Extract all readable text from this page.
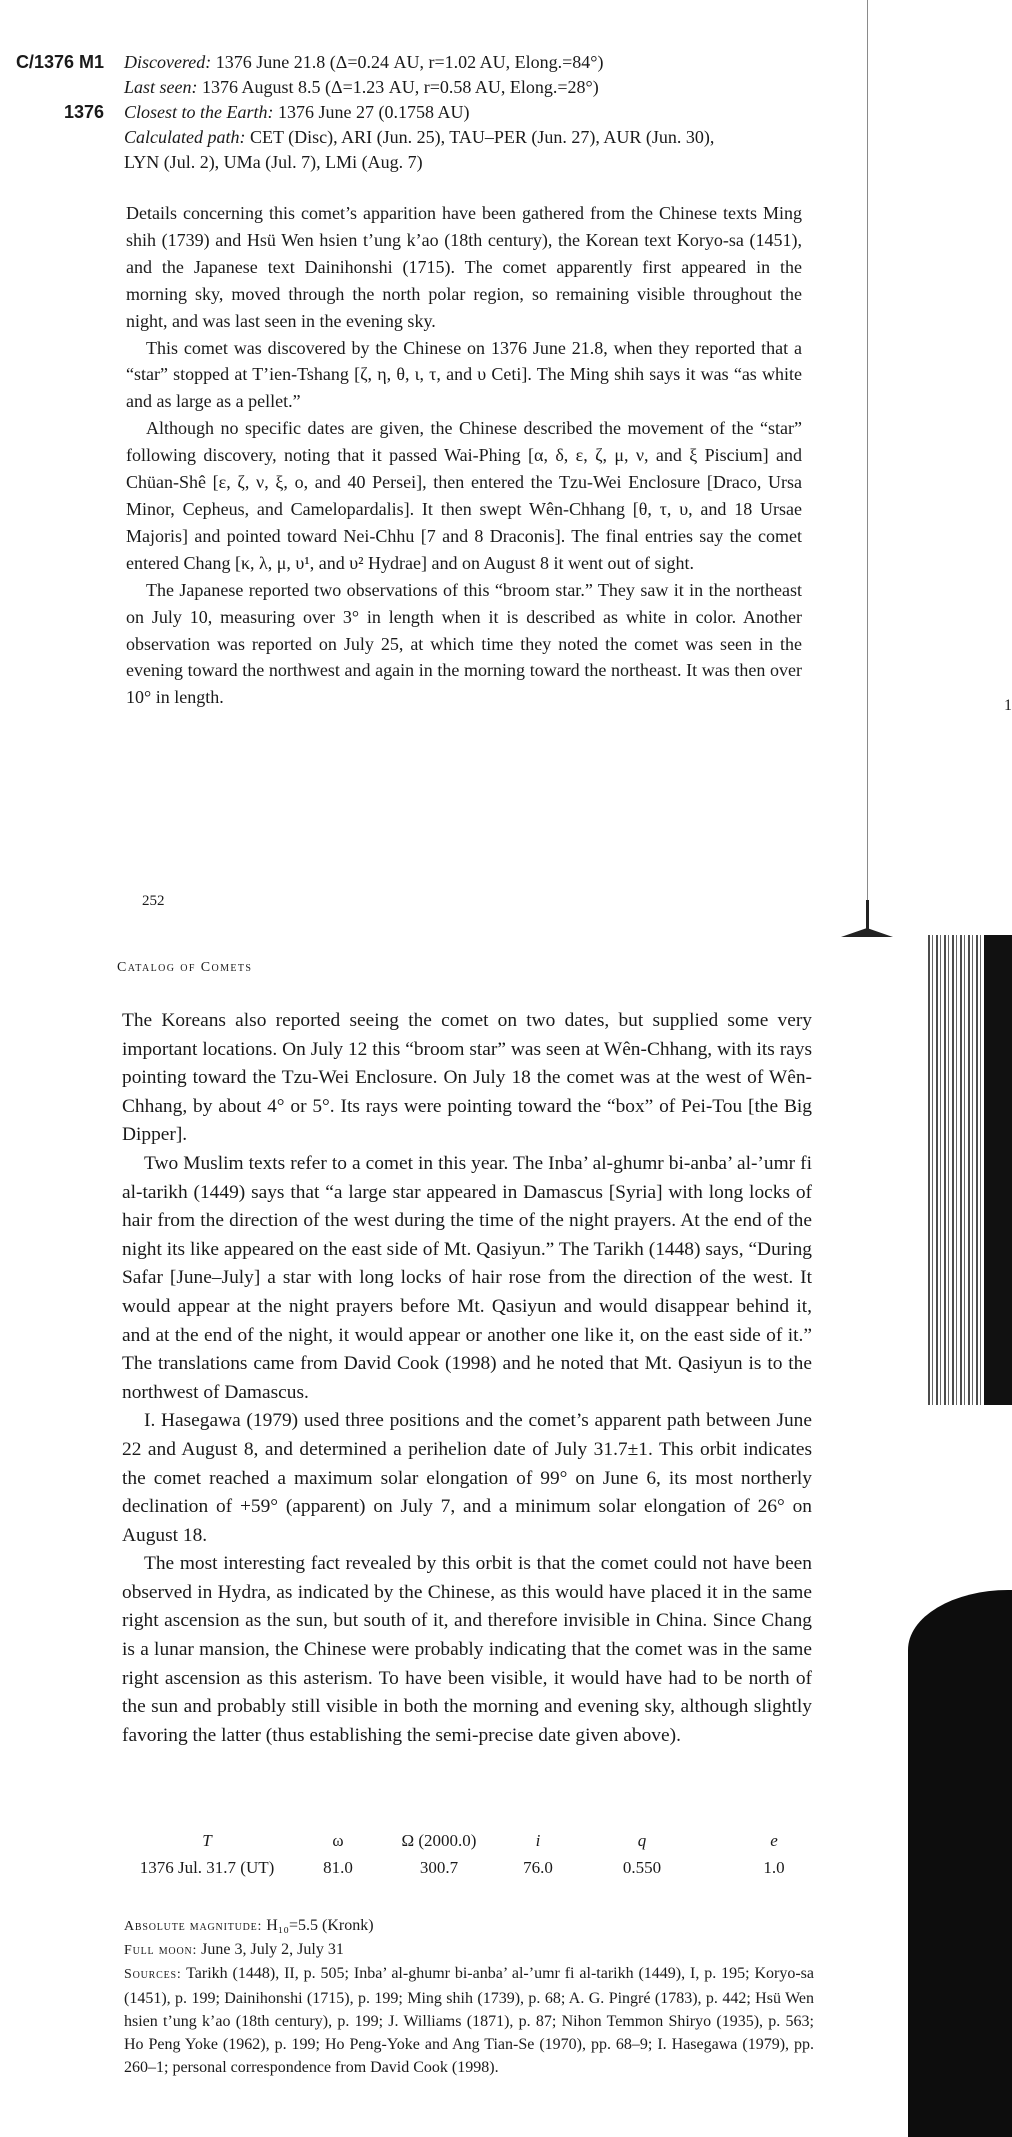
C/1376 M1 Discovered: 1376 June 21.8 (Δ=0.24 AU, r=1.02 AU, Elong.=84°)
Last seen: 1376 August 8.5 (Δ=1.23 AU, r=0.58 AU, Elong.=28°)
1376 Closest to the Earth: 1376 June 27 (0.1758 AU)
Calculated path: CET (Disc), ARI (Jun. 25), TAU–PER (Jun. 27), AUR (Jun. 30),
LYN (Jul. 2), UMa (Jul. 7), LMi (Aug. 7)

Details concerning this comet’s apparition have been gathered from the Chinese texts Ming shih (1739) and Hsü Wen hsien t’ung k’ao (18th century), the Korean text Koryo-sa (1451), and the Japanese text Dainihonshi (1715). The comet apparently first appeared in the morning sky, moved through the north polar region, so remaining visible throughout the night, and was last seen in the evening sky.

This comet was discovered by the Chinese on 1376 June 21.8, when they reported that a “star” stopped at T’ien-Tshang [ζ, η, θ, ι, τ, and υ Ceti]. The Ming shih says it was “as white and as large as a pellet.”

Although no specific dates are given, the Chinese described the movement of the “star” following discovery, noting that it passed Wai-Phing [α, δ, ε, ζ, μ, ν, and ξ Piscium] and Chüan-Shê [ε, ζ, ν, ξ, ο, and 40 Persei], then entered the Tzu-Wei Enclosure [Draco, Ursa Minor, Cepheus, and Camelopardalis]. It then swept Wên-Chhang [θ, τ, υ, and 18 Ursae Majoris] and pointed toward Nei-Chhu [7 and 8 Draconis]. The final entries say the comet entered Chang [κ, λ, μ, υ¹, and υ² Hydrae] and on August 8 it went out of sight.

The Japanese reported two observations of this “broom star.” They saw it in the northeast on July 10, measuring over 3° in length when it is described as white in color. Another observation was reported on July 25, at which time they noted the comet was seen in the evening toward the northwest and again in the morning toward the northeast. It was then over 10° in length.

252
1
Catalog of Comets

The Koreans also reported seeing the comet on two dates, but supplied some very important locations. On July 12 this “broom star” was seen at Wên-Chhang, with its rays pointing toward the Tzu-Wei Enclosure. On July 18 the comet was at the west of Wên-Chhang, by about 4° or 5°. Its rays were pointing toward the “box” of Pei-Tou [the Big Dipper].

Two Muslim texts refer to a comet in this year. The Inba’ al-ghumr bi-anba’ al-’umr fi al-tarikh (1449) says that “a large star appeared in Damascus [Syria] with long locks of hair from the direction of the west during the time of the night prayers. At the end of the night its like appeared on the east side of Mt. Qasiyun.” The Tarikh (1448) says, “During Safar [June–July] a star with long locks of hair rose from the direction of the west. It would appear at the night prayers before Mt. Qasiyun and would disappear behind it, and at the end of the night, it would appear or another one like it, on the east side of it.” The translations came from David Cook (1998) and he noted that Mt. Qasiyun is to the northwest of Damascus.

I. Hasegawa (1979) used three positions and the comet’s apparent path between June 22 and August 8, and determined a perihelion date of July 31.7±1. This orbit indicates the comet reached a maximum solar elongation of 99° on June 6, its most northerly declination of +59° (apparent) on July 7, and a minimum solar elongation of 26° on August 18.

The most interesting fact revealed by this orbit is that the comet could not have been observed in Hydra, as indicated by the Chinese, as this would have placed it in the same right ascension as the sun, but south of it, and therefore invisible in China. Since Chang is a lunar mansion, the Chinese were probably indicating that the comet was in the same right ascension as this asterism. To have been visible, it would have had to be north of the sun and probably still visible in both the morning and evening sky, although slightly favoring the latter (thus establishing the semi-precise date given above).

T	ω	Ω (2000.0)	i	q	e
1376 Jul. 31.7 (UT)	81.0	300.7	76.0	0.550	1.0

Absolute magnitude: H₁₀=5.5 (Kronk)

Full moon: June 3, July 2, July 31

Sources: Tarikh (1448), II, p. 505; Inba’ al-ghumr bi-anba’ al-’umr fi al-tarikh (1449), I, p. 195; Koryo-sa (1451), p. 199; Dainihonshi (1715), p. 199; Ming shih (1739), p. 68; A. G. Pingré (1783), p. 442; Hsü Wen hsien t’ung k’ao (18th century), p. 199; J. Williams (1871), p. 87; Nihon Temmon Shiryo (1935), p. 563; Ho Peng Yoke (1962), p. 199; Ho Peng-Yoke and Ang Tian-Se (1970), pp. 68–9; I. Hasegawa (1979), pp. 260–1; personal correspondence from David Cook (1998).
